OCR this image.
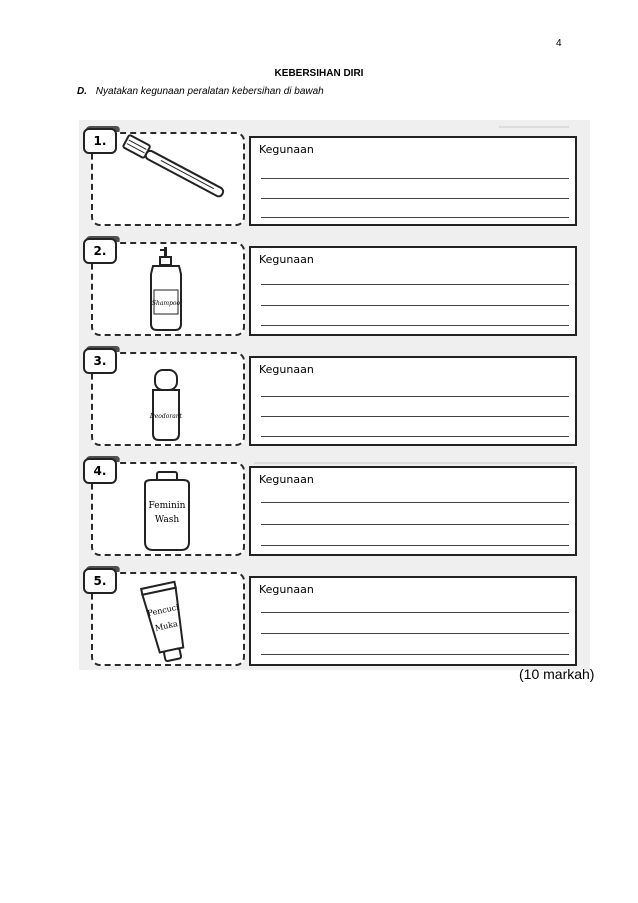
4
KEBERSIHAN DIRI
D. Nyatakan kegunaan peralatan kebersihan di bawah
1.
Kegunaan
Shampoo
2.
Kegunaan
Deodorant
3.
Kegunaan
Feminin
Wash
4.
Kegunaan
Pencuci
Muka
5.
Kegunaan
(10 markah)
